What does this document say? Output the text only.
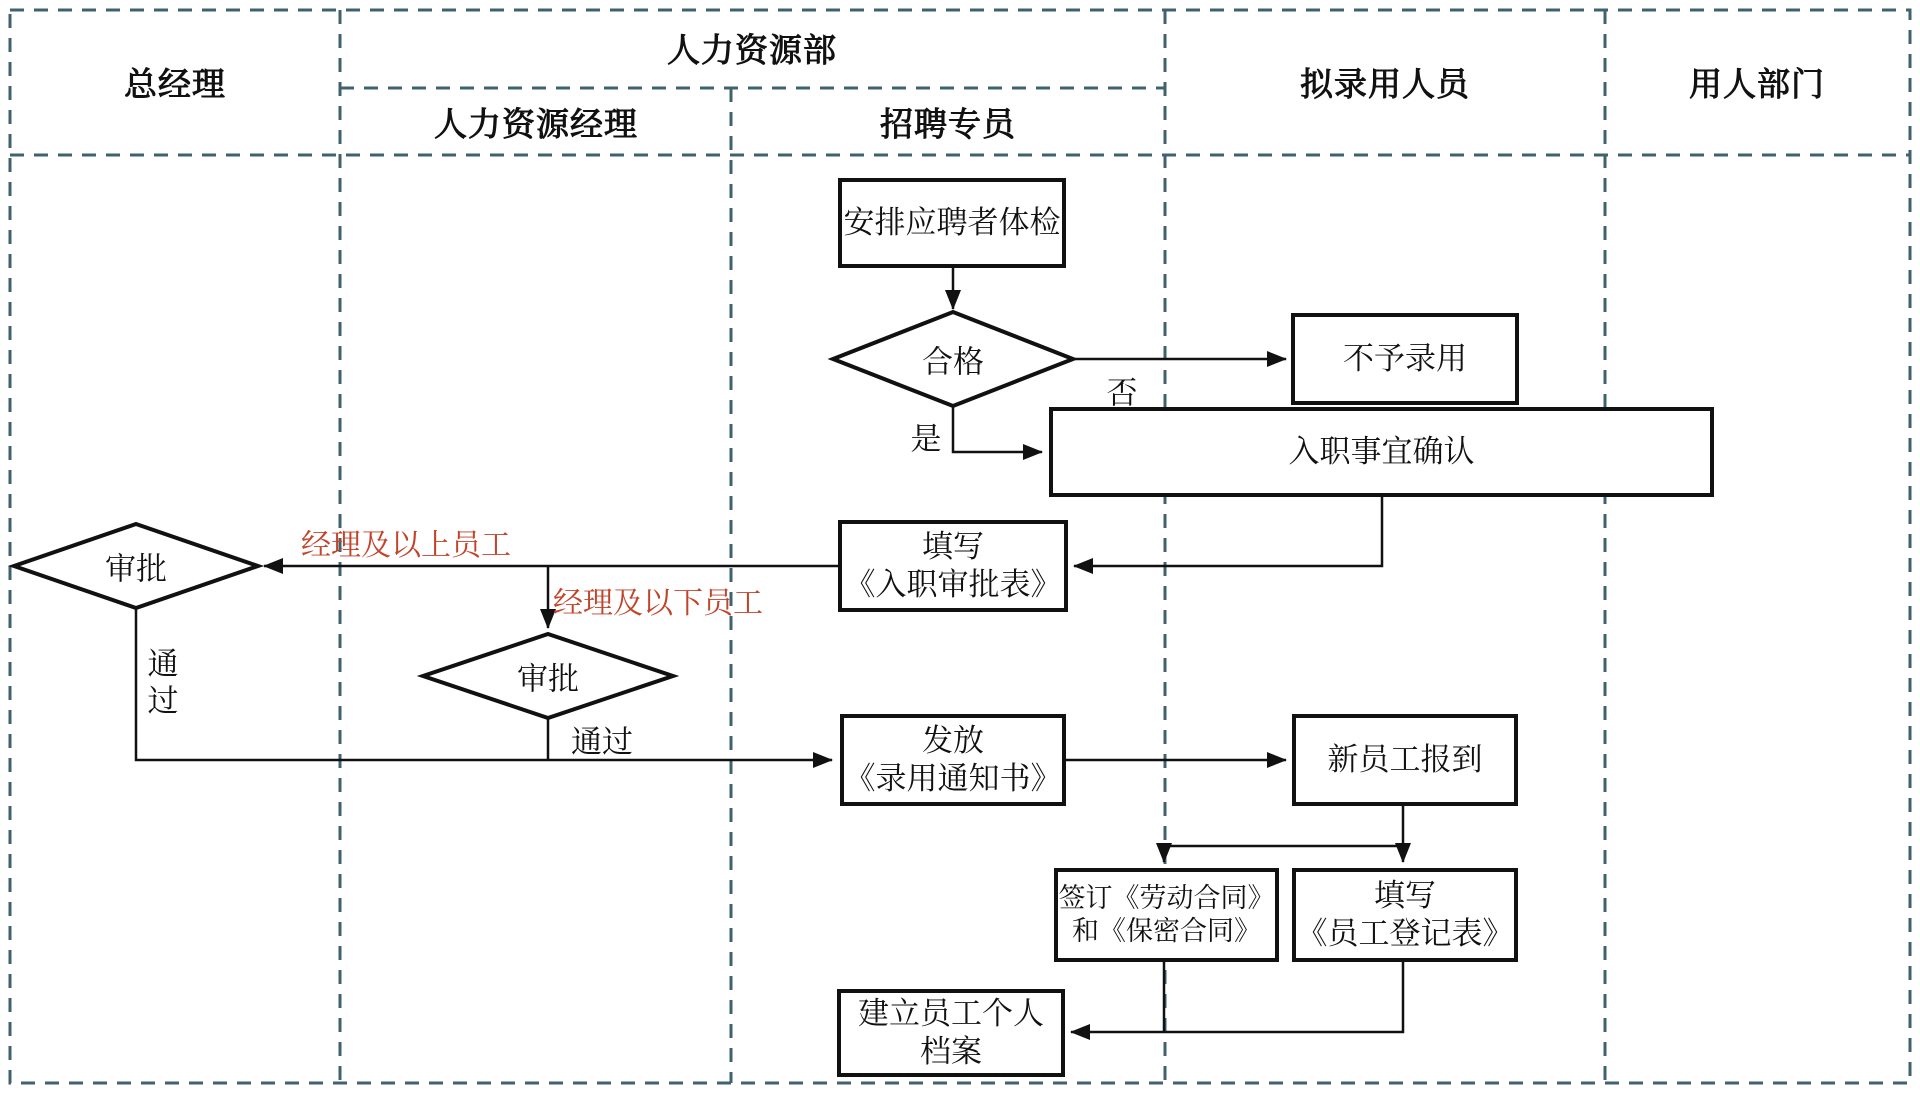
总经理
人力资源部
人力资源经理	招聘专员
拟录用人员	用人部门
安排应聘者体检
不予录用
入职事宜确认
填写
《入职审批表》
发放
《录用通知书》
新员工报到
签订《劳动合同》
和《保密合同》
填写
《员工登记表》
建立员工个人
档案
合格
审批
审批
否
是
经理及以上员工
经理及以下员工
通过
通过
